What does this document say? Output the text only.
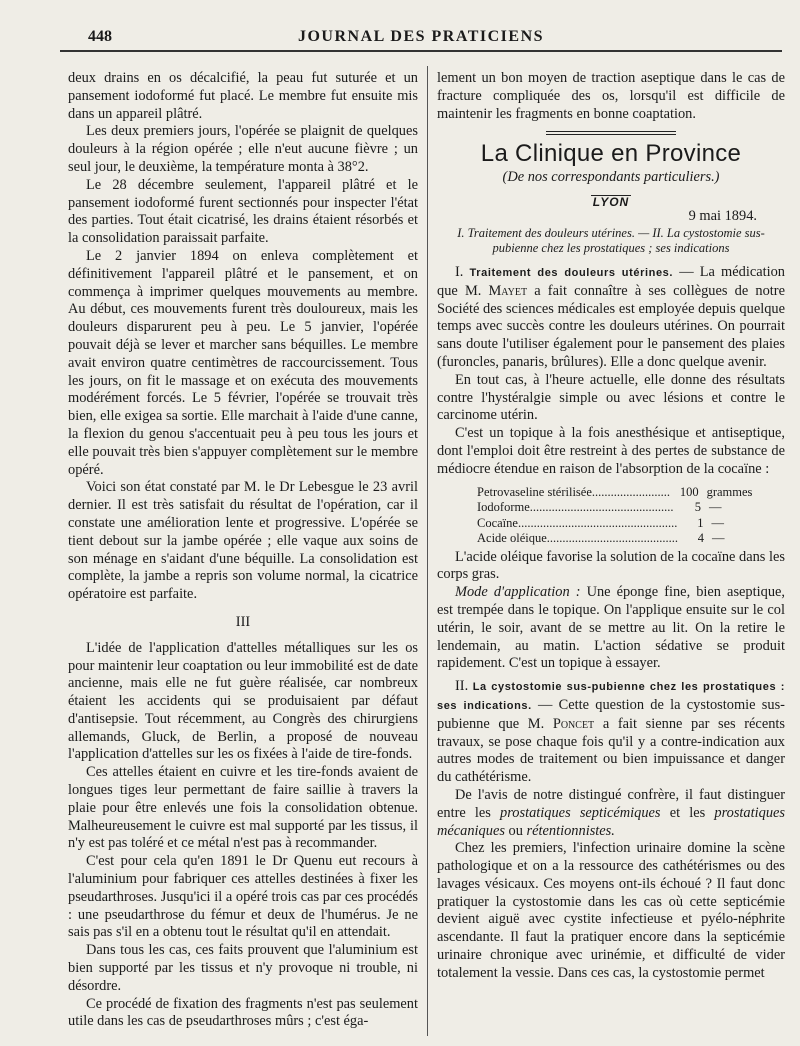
448	JOURNAL DES PRATICIENS

deux drains en os décalcifié, la peau fut suturée et un pansement iodoformé fut placé. Le membre fut ensuite mis dans un appareil plâtré.

Les deux premiers jours, l'opérée se plaignit de quelques douleurs à la région opérée ; elle n'eut aucune fièvre ; un seul jour, le deuxième, la température monta à 38°2.

Le 28 décembre seulement, l'appareil plâtré et le pansement iodoformé furent sectionnés pour inspecter l'état des parties. Tout était cicatrisé, les drains étaient résorbés et la consolidation paraissait parfaite.

Le 2 janvier 1894 on enleva complètement et définitivement l'appareil plâtré et le pansement, et on commença à imprimer quelques mouvements au membre. Au début, ces mouvements furent très douloureux, mais les douleurs disparurent peu à peu. Le 5 janvier, l'opérée pouvait déjà se lever et marcher sans béquilles. Le membre avait environ quatre centimètres de raccourcissement. Tous les jours, on fit le massage et on exécuta des mouvements modérément forcés. Le 5 février, l'opérée se trouvait très bien, elle exigea sa sortie. Elle marchait à l'aide d'une canne, la flexion du genou s'accentuait peu à peu tous les jours et elle pouvait très bien s'appuyer complètement sur le membre opéré.

Voici son état constaté par M. le Dr Lebesgue le 23 avril dernier. Il est très satisfait du résultat de l'opération, car il constate une amélioration lente et progressive. L'opérée se tient debout sur la jambe opérée ; elle vaque aux soins de son ménage en s'aidant d'une béquille. La consolidation est complète, la jambe a repris son volume normal, la cicatrice opératoire est parfaite.

III

L'idée de l'application d'attelles métalliques sur les os pour maintenir leur coaptation ou leur immobilité est de date ancienne, mais elle ne fut guère réalisée, car nombreux étaient les accidents qui se produisaient par défaut d'antisepsie. Tout récemment, au Congrès des chirurgiens allemands, Gluck, de Berlin, a proposé de nouveau l'application d'attelles sur les os fixées à l'aide de tire-fonds.

Ces attelles étaient en cuivre et les tire-fonds avaient de longues tiges leur permettant de faire saillie à travers la plaie pour être enlevés une fois la consolidation obtenue. Malheureusement le cuivre est mal supporté par les tissus, il n'y est pas toléré et ce métal n'est pas à recommander.

C'est pour cela qu'en 1891 le Dr Quenu eut recours à l'aluminium pour fabriquer ces attelles destinées à fixer les pseudarthroses. Jusqu'ici il a opéré trois cas par ces procédés : une pseudarthrose du fémur et deux de l'humérus. Je ne sais pas s'il en a obtenu tout le résultat qu'il en attendait.

Dans tous les cas, ces faits prouvent que l'aluminium est bien supporté par les tissus et n'y provoque ni trouble, ni désordre.

Ce procédé de fixation des fragments n'est pas seulement utile dans les cas de pseudarthroses mûrs ; c'est éga-

lement un bon moyen de traction aseptique dans le cas de fracture compliquée des os, lorsqu'il est difficile de maintenir les fragments en bonne coaptation.

La Clinique en Province
(De nos correspondants particuliers.)
LYON
9 mai 1894.
I. Traitement des douleurs utérines. — II. La cystostomie sus-pubienne chez les prostatiques ; ses indications

I. Traitement des douleurs utérines. — La médication que M. Mayet a fait connaître à ses collègues de notre Société des sciences médicales est employée depuis quelque temps avec succès contre les douleurs utérines. On pourrait sans doute l'utiliser également pour le pansement des plaies (furoncles, panaris, brûlures). Elle a donc quelque avenir.

En tout cas, à l'heure actuelle, elle donne des résultats contre l'hystéralgie simple ou avec lésions et contre le carcinome utérin.

C'est un topique à la fois anesthésique et antiseptique, dont l'emploi doit être restreint à des pertes de substance de médiocre étendue en raison de l'absorption de la cocaïne :

Petrovaseline stérilisée......................... 100 grammes
Iodoforme..............................................	5 —
Cocaïne...................................................	1 —
Acide oléique..........................................	4 —

L'acide oléique favorise la solution de la cocaïne dans les corps gras.

Mode d'application : Une éponge fine, bien aseptique, est trempée dans le topique. On l'applique ensuite sur le col utérin, le soir, avant de se mettre au lit. On la retire le lendemain, au matin. L'action sédative se produit rapidement. C'est un topique à essayer.

II. La cystostomie sus-pubienne chez les prostatiques : ses indications. — Cette question de la cystostomie sus-pubienne que M. Poncet a fait sienne par ses récents travaux, se pose chaque fois qu'il y a contre-indication aux autres modes de traitement ou bien impuissance et danger du cathétérisme.

De l'avis de notre distingué confrère, il faut distinguer entre les prostatiques septicémiques et les prostatiques mécaniques ou rétentionnistes.

Chez les premiers, l'infection urinaire domine la scène pathologique et on a la ressource des cathétérismes ou des lavages vésicaux. Ces moyens ont-ils échoué ? Il faut donc pratiquer la cystostomie dans les cas où cette septicémie devient aiguë avec cystite infectieuse et pyélo-néphrite ascendante. Il faut la pratiquer encore dans la septicémie urinaire chronique avec urinémie, et difficulté de vider totalement la vessie. Dans ces cas, la cystostomie permet
